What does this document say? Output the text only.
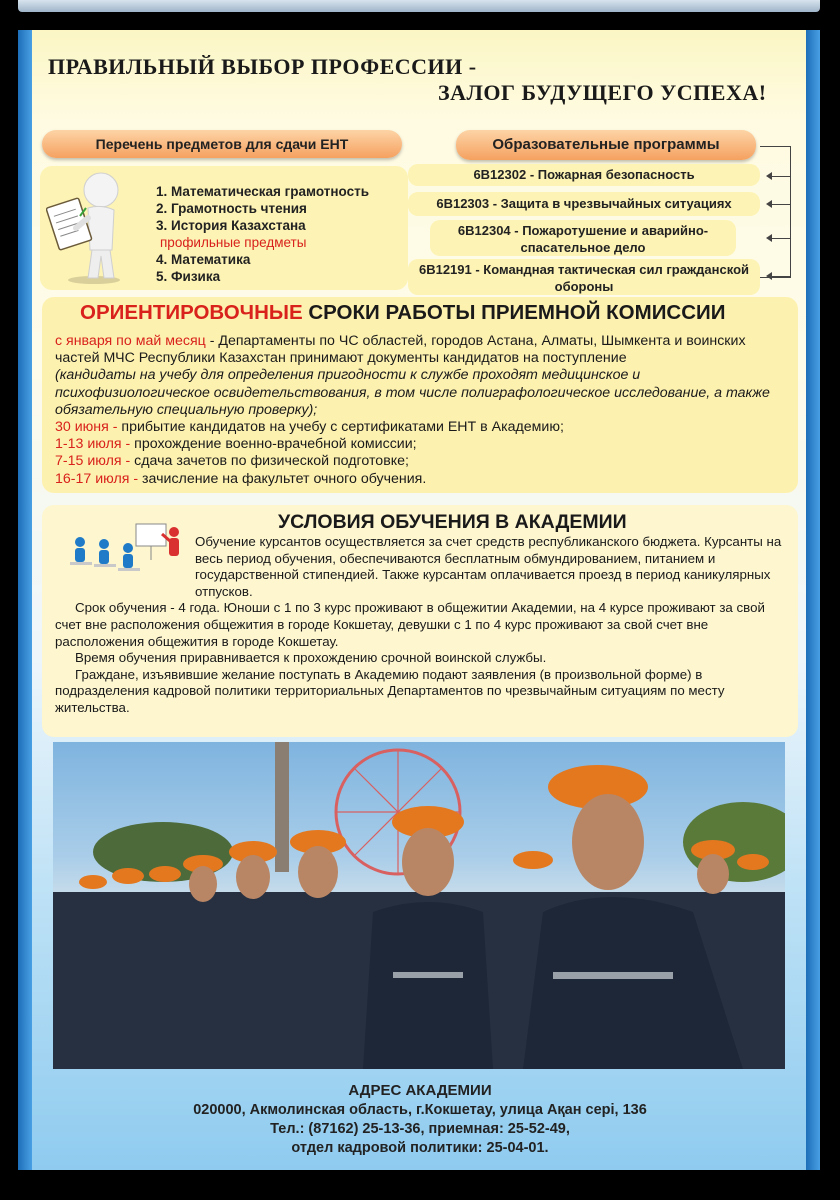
ПРАВИЛЬНЫЙ ВЫБОР ПРОФЕССИИ -
ЗАЛОГ БУДУЩЕГО УСПЕХА!
Перечень предметов для сдачи ЕНТ
1. Математическая грамотность
2. Грамотность чтения
3. История Казахстана
профильные предметы
4. Математика
5. Физика
Образовательные программы
6B12302 - Пожарная безопасность
6B12303 - Защита в чрезвычайных ситуациях
6B12304 - Пожаротушение и аварийно-спасательное дело
6B12191 - Командная тактическая сил гражданской обороны
ОРИЕНТИРОВОЧНЫЕ СРОКИ РАБОТЫ ПРИЕМНОЙ КОМИССИИ

с января по май месяц - Департаменты по ЧС областей, городов Астана, Алматы, Шымкента и воинских частей МЧС Республики Казахстан принимают документы кандидатов на поступление

(кандидаты на учебу для определения пригодности к службе проходят медицинское и психофизиологическое освидетельствования, в том числе полиграфологическое исследование, а также обязательную специальную проверку);

30 июня - прибытие кандидатов на учебу с сертификатами ЕНТ в Академию;

1-13 июля - прохождение военно-врачебной комиссии;

7-15 июля - сдача зачетов по физической подготовке;

16-17 июля - зачисление на факультет очного обучения.

УСЛОВИЯ ОБУЧЕНИЯ В АКАДЕМИИ

Обучение курсантов осуществляется за счет средств республиканского бюджета. Курсанты на весь период обучения, обеспечиваются бесплатным обмундированием, питанием и государственной стипендией. Также курсантам оплачивается проезд в период каникулярных отпусков.

Срок обучения - 4 года. Юноши с 1 по 3 курс проживают в общежитии Академии, на 4 курсе проживают за свой счет вне расположения общежития в городе Кокшетау, девушки с 1 по 4 курс проживают за свой счет вне расположения общежития в городе Кокшетау.

Время обучения приравнивается к прохождению срочной воинской службы.

Граждане, изъявившие желание поступать в Академию подают заявления (в произвольной форме) в подразделения кадровой политики территориальных Департаментов по чрезвычайным ситуациям по месту жительства.

АДРЕС АКАДЕМИИ
020000, Акмолинская область, г.Кокшетау, улица Ақан сері, 136
Тел.: (87162) 25-13-36, приемная: 25-52-49,
отдел кадровой политики: 25-04-01.
